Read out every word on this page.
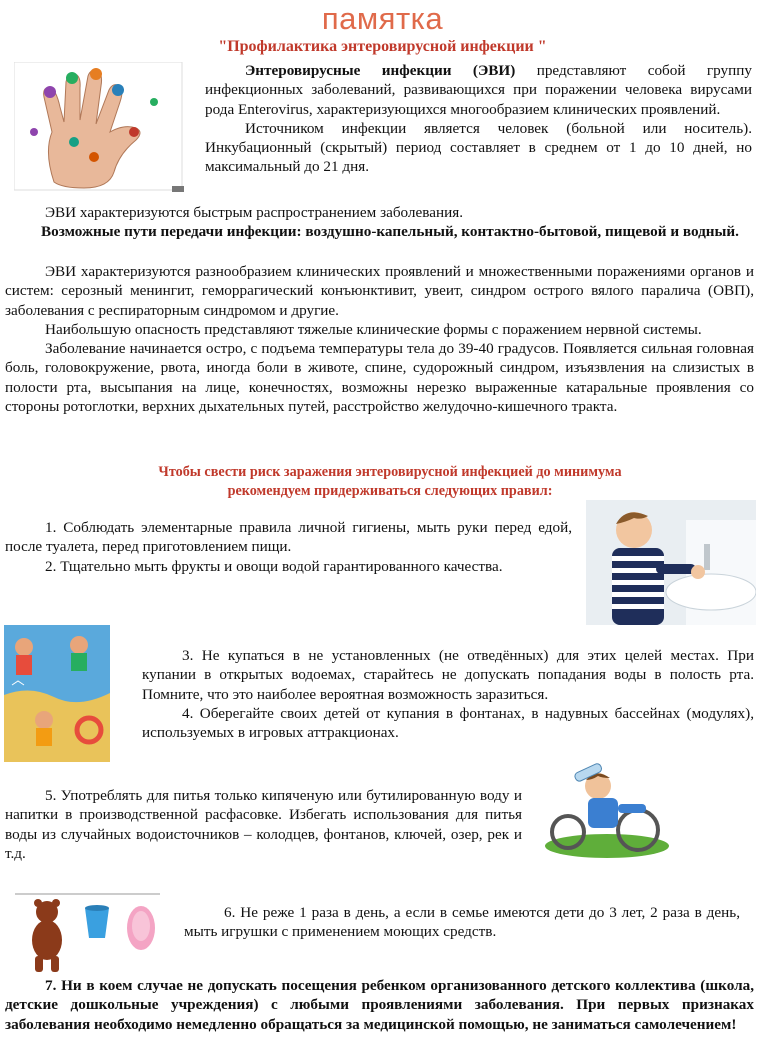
памятка
"Профилактика энтеровирусной инфекции "

Энтеровирусные инфекции (ЭВИ) представляют собой группу инфекционных заболеваний, развивающихся при поражении человека вирусами рода Enterovirus, характеризующихся многообразием клинических проявлений.

Источником инфекции является человек (больной или носитель). Инкубационный (скрытый) период составляет в среднем от 1 до 10 дней, но максимальный до 21 дня.

ЭВИ характеризуются быстрым распространением заболевания.
Возможные пути передачи инфекции: воздушно-капельный, контактно-бытовой, пищевой и водный.

ЭВИ характеризуются разнообразием клинических проявлений и множественными поражениями органов и систем: серозный менингит, геморрагический конъюнктивит, увеит, синдром острого вялого паралича (ОВП), заболевания с респираторным синдромом и другие.

Наибольшую опасность представляют тяжелые клинические формы с поражением нервной системы.

Заболевание начинается остро, с подъема температуры тела до 39-40 градусов. Появляется сильная головная боль, головокружение, рвота, иногда боли в животе, спине, судорожный синдром, изъязвления на слизистых в полости рта, высыпания на лице, конечностях, возможны нерезко выраженные катаральные проявления со стороны ротоглотки, верхних дыхательных путей, расстройство желудочно-кишечного тракта.

Чтобы свести риск заражения энтеровирусной инфекцией до минимума
рекомендуем придерживаться следующих правил:

1. Соблюдать элементарные правила личной гигиены, мыть руки перед едой, после туалета, перед приготовлением пищи.

2. Тщательно мыть фрукты и овощи водой гарантированного качества.

3. Не купаться в не установленных (не отведённых) для этих целей местах. При купании в открытых водоемах, старайтесь не допускать попадания воды в полость рта. Помните, что это наиболее вероятная возможность заразиться.

4. Оберегайте своих детей от купания в фонтанах, в надувных бассейнах (модулях), используемых в игровых аттракционах.

5. Употреблять для питья только кипяченую или бутилированную воду и напитки в производственной расфасовке. Избегать использования для питья воды из случайных водоисточников – колодцев, фонтанов, ключей, озер, рек и т.д.

6. Не реже 1 раза в день, а если в семье имеются дети до 3 лет, 2 раза в день, мыть игрушки с применением моющих средств.

7. Ни в коем случае не допускать посещения ребенком организованного детского коллектива (школа, детские дошкольные учреждения) с любыми проявлениями заболевания. При первых признаках заболевания необходимо немедленно обращаться за медицинской помощью, не заниматься самолечением!
